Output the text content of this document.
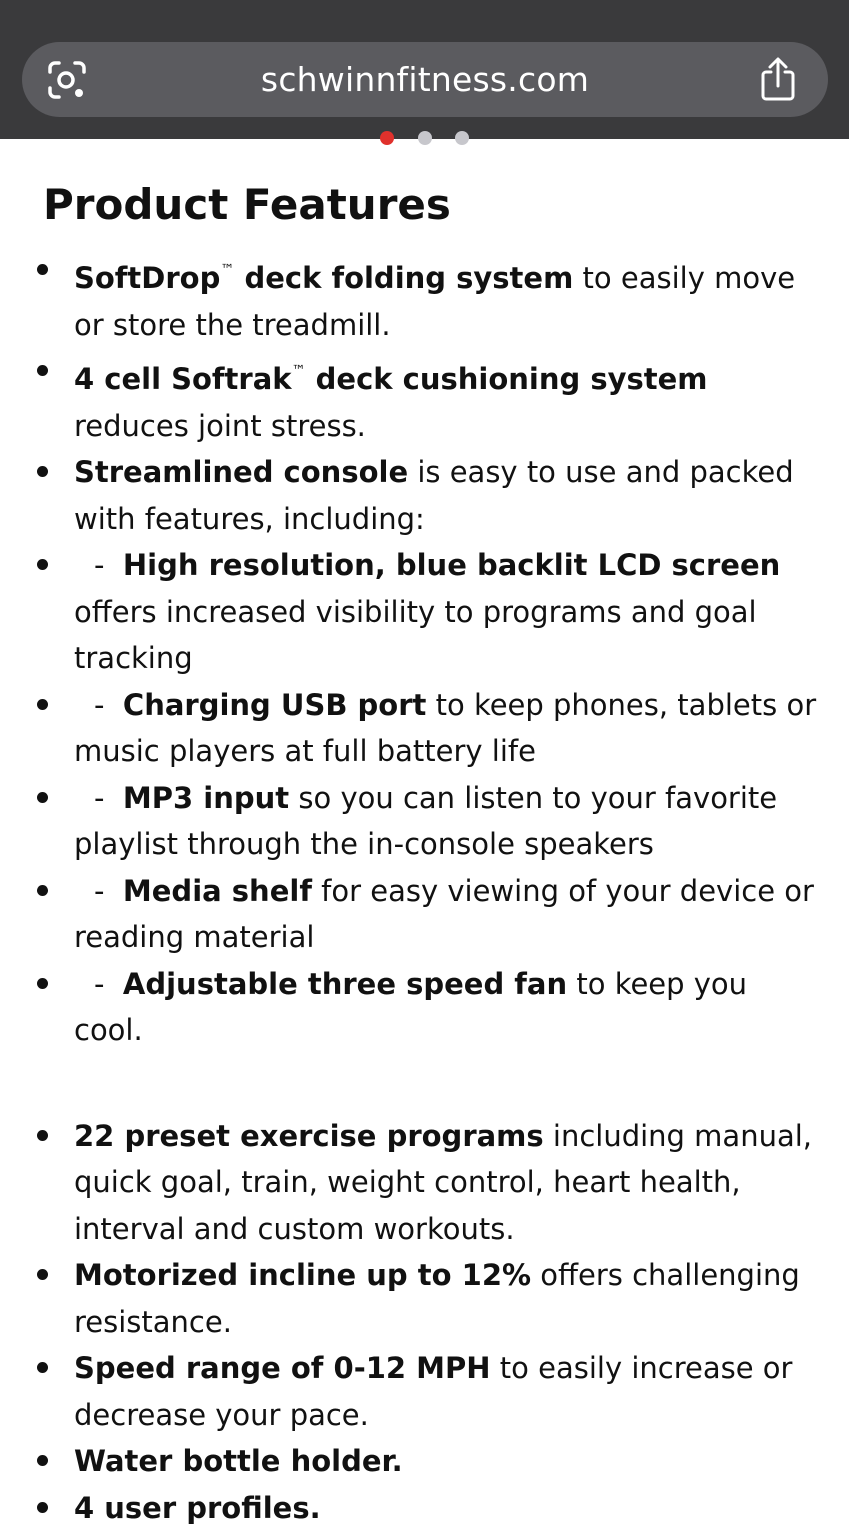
schwinnfitness.com
Product Features
SoftDrop™ deck folding system to easily move or store the treadmill.
4 cell Softrak™ deck cushioning system reduces joint stress.
Streamlined console is easy to use and packed with features, including:
- High resolution, blue backlit LCD screen offers increased visibility to programs and goal tracking
- Charging USB port to keep phones, tablets or music players at full battery life
- MP3 input so you can listen to your favorite playlist through the in-console speakers
- Media shelf for easy viewing of your device or reading material
- Adjustable three speed fan to keep you cool.
22 preset exercise programs including manual, quick goal, train, weight control, heart health, interval and custom workouts.
Motorized incline up to 12% offers challenging resistance.
Speed range of 0-12 MPH to easily increase or decrease your pace.
Water bottle holder.
4 user profiles.
